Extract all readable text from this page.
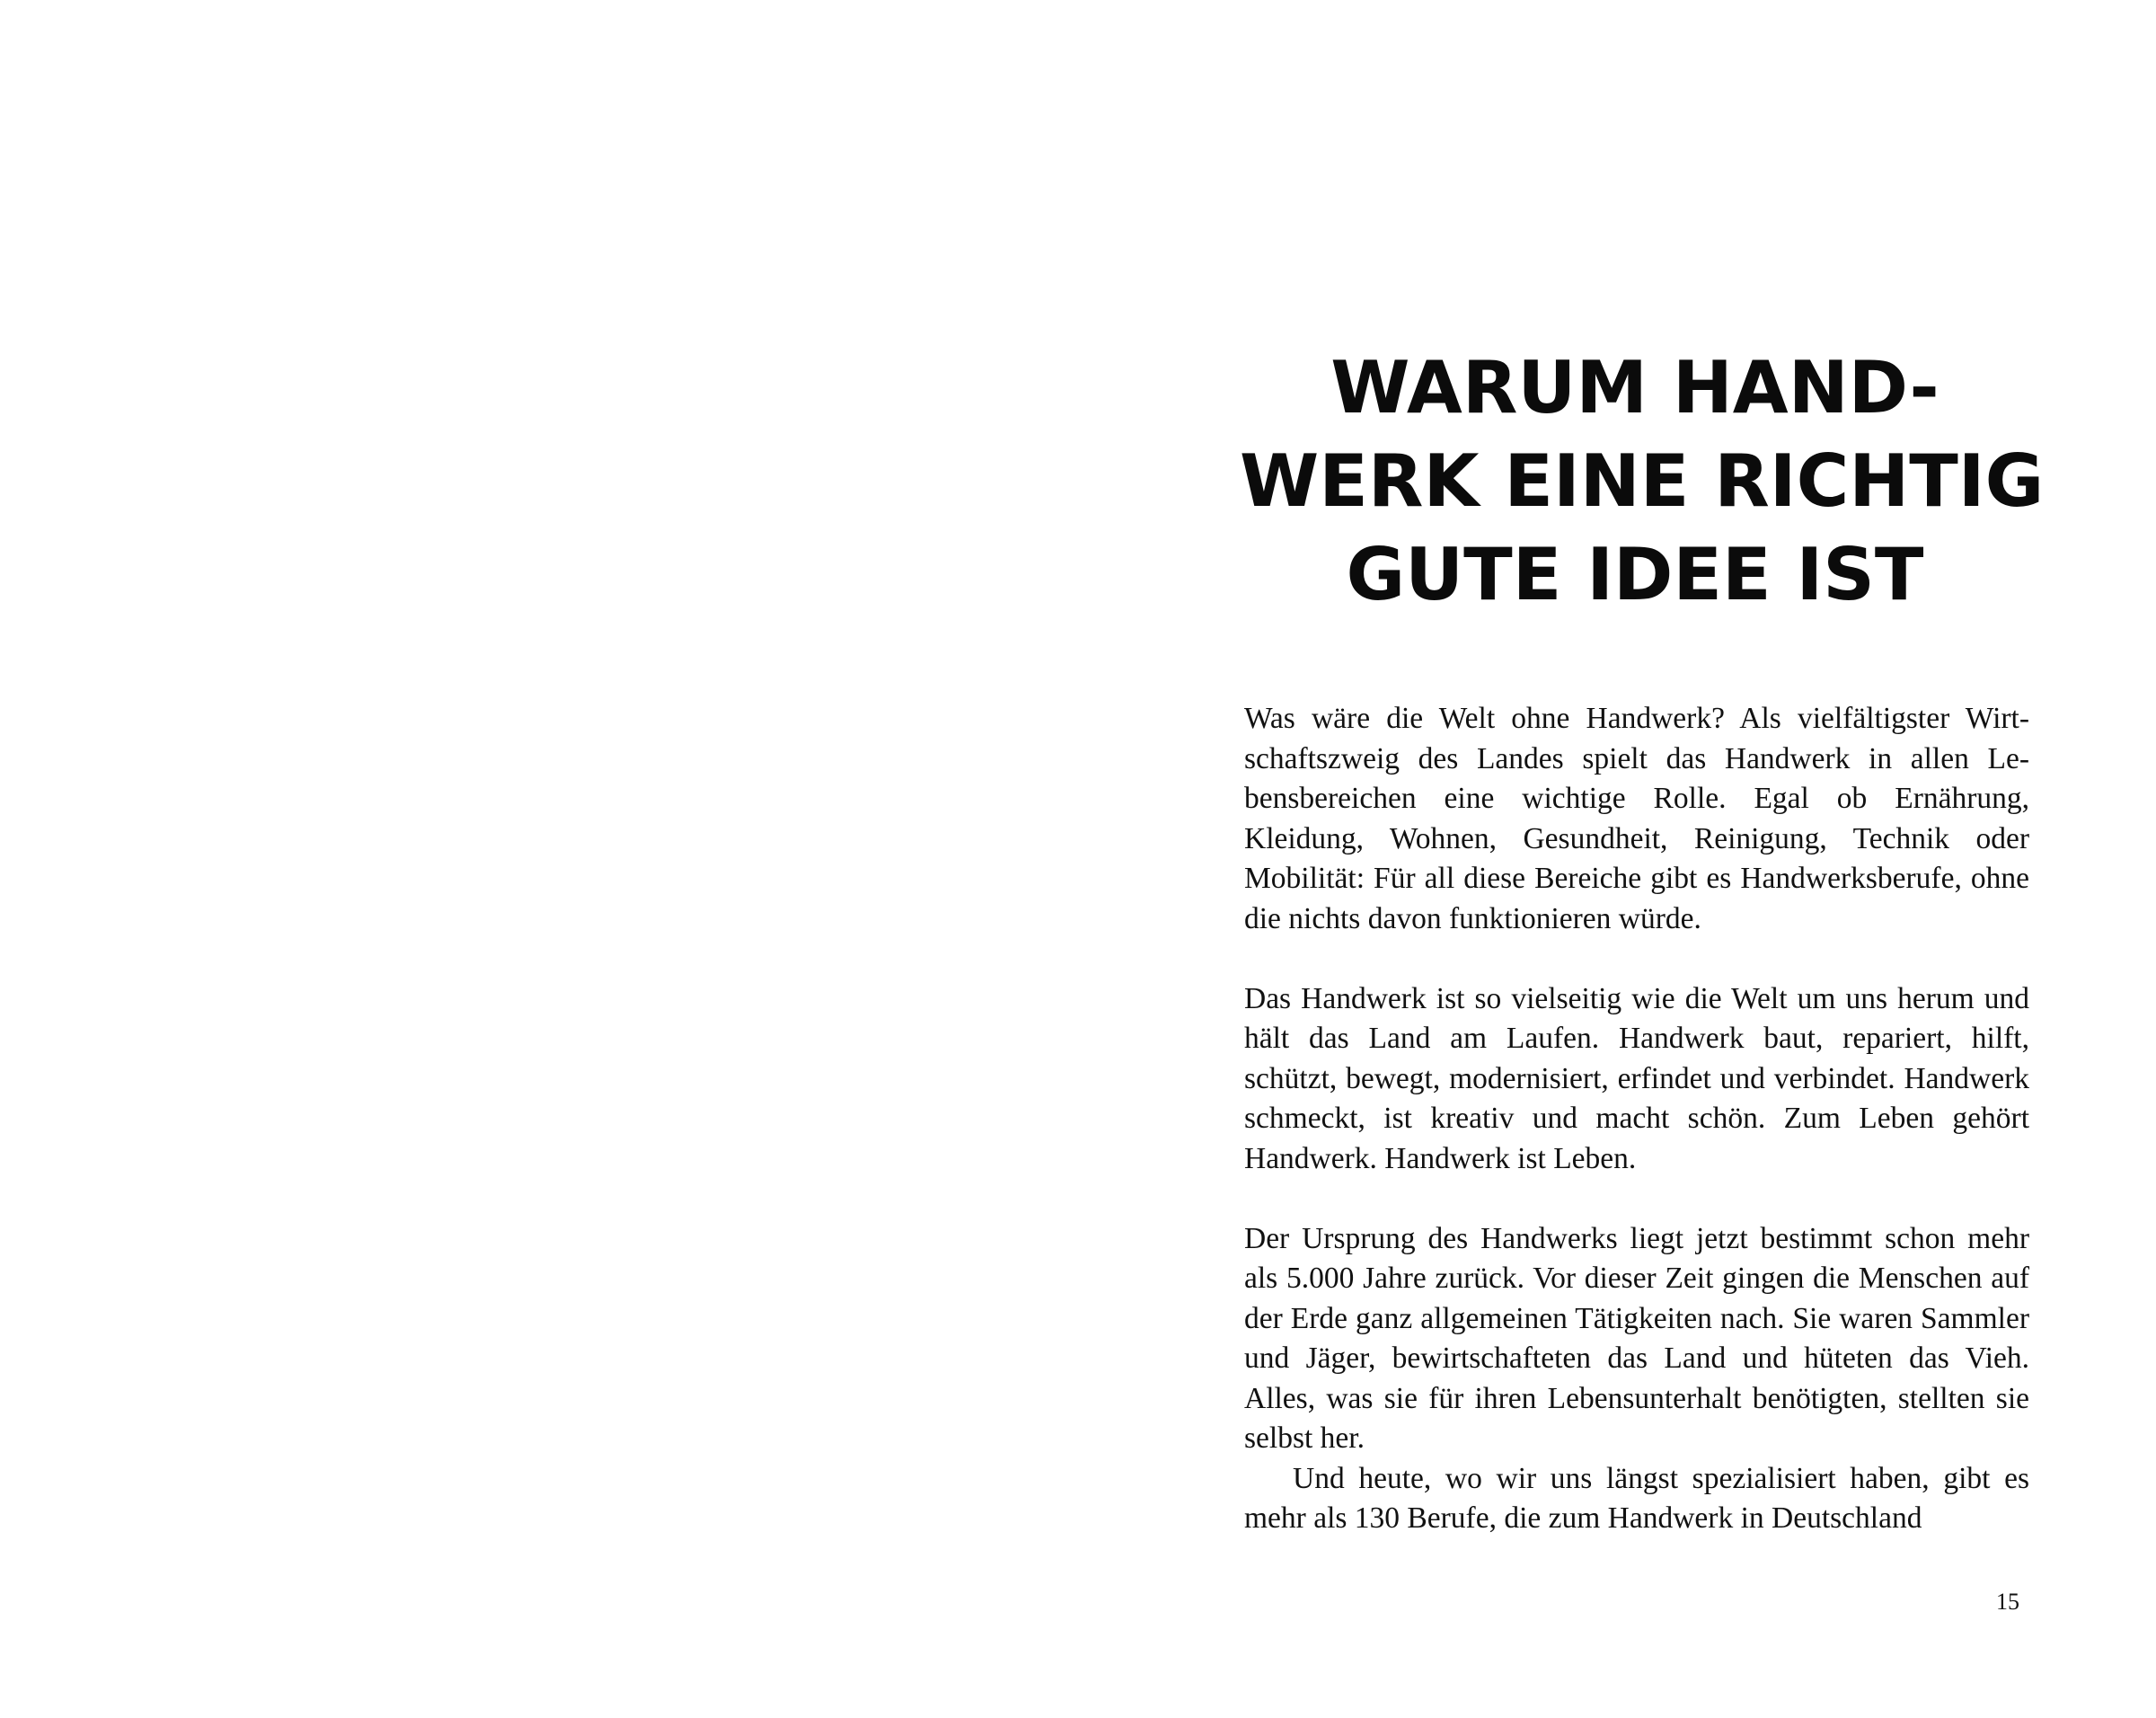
WARUM HAND-
WERK EINE RICHTIG
GUTE IDEE IST

Was wäre die Welt ohne Handwerk? Als vielfältigster Wirtschaftszweig des Landes spielt das Handwerk in allen Lebensbereichen eine wichtige Rolle. Egal ob Ernährung, Kleidung, Wohnen, Gesundheit, Reinigung, Technik oder Mobilität: Für all diese Bereiche gibt es Handwerksberufe, ohne die nichts davon funktionieren würde.

Das Handwerk ist so vielseitig wie die Welt um uns herum und hält das Land am Laufen. Handwerk baut, repariert, hilft, schützt, bewegt, modernisiert, erfindet und verbindet. Handwerk schmeckt, ist kreativ und macht schön. Zum Leben gehört Handwerk. Handwerk ist Leben.

Der Ursprung des Handwerks liegt jetzt bestimmt schon mehr als 5.000 Jahre zurück. Vor dieser Zeit gingen die Menschen auf der Erde ganz allgemeinen Tätigkeiten nach. Sie waren Sammler und Jäger, bewirtschafteten das Land und hüteten das Vieh. Alles, was sie für ihren Lebensunterhalt benötigten, stellten sie selbst her.

Und heute, wo wir uns längst spezialisiert haben, gibt es mehr als 130 Berufe, die zum Handwerk in Deutschland

15
